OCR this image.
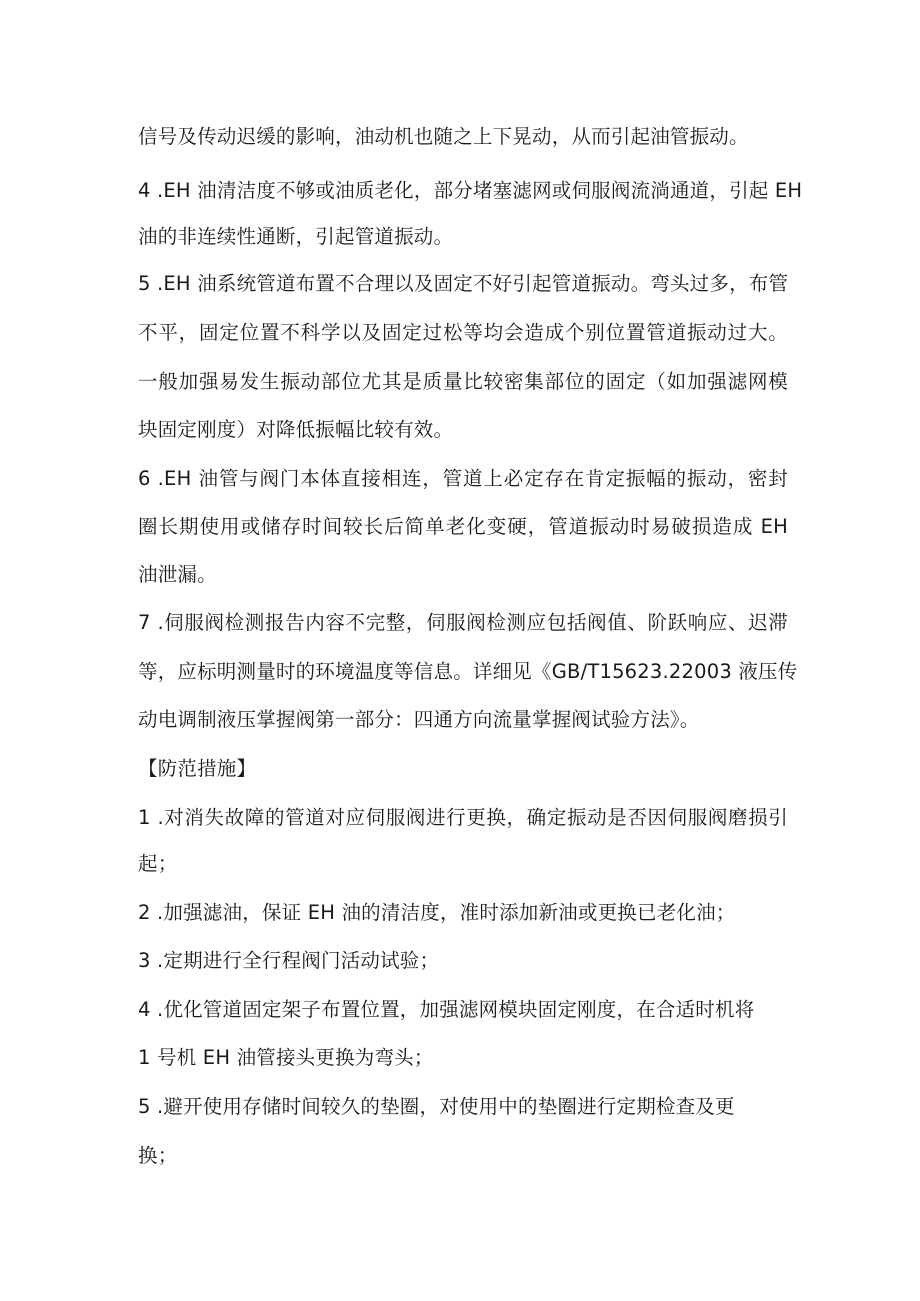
信号及传动迟缓的影响，油动机也随之上下晃动，从而引起油管振动。
4 .EH 油清洁度不够或油质老化，部分堵塞滤网或伺服阀流淌通道，引起 EH
油的非连续性通断，引起管道振动。
5 .EH 油系统管道布置不合理以及固定不好引起管道振动。弯头过多，布管
不平，固定位置不科学以及固定过松等均会造成个别位置管道振动过大。
一般加强易发生振动部位尤其是质量比较密集部位的固定（如加强滤网模
块固定刚度）对降低振幅比较有效。
6 .EH 油管与阀门本体直接相连，管道上必定存在肯定振幅的振动，密封
圈长期使用或储存时间较长后简单老化变硬，管道振动时易破损造成 EH
油泄漏。
7 .伺服阀检测报告内容不完整，伺服阀检测应包括阀值、阶跃响应、迟滞
等，应标明测量时的环境温度等信息。详细见《GB/T15623.22003 液压传
动电调制液压掌握阀第一部分：四通方向流量掌握阀试验方法》。
【防范措施】
1 .对消失故障的管道对应伺服阀进行更换，确定振动是否因伺服阀磨损引
起；
2 .加强滤油，保证 EH 油的清洁度，准时添加新油或更换已老化油；
3 .定期进行全行程阀门活动试验；
4 .优化管道固定架子布置位置，加强滤网模块固定刚度，在合适时机将
1 号机 EH 油管接头更换为弯头；
5 .避开使用存储时间较久的垫圈，对使用中的垫圈进行定期检查及更
换；
